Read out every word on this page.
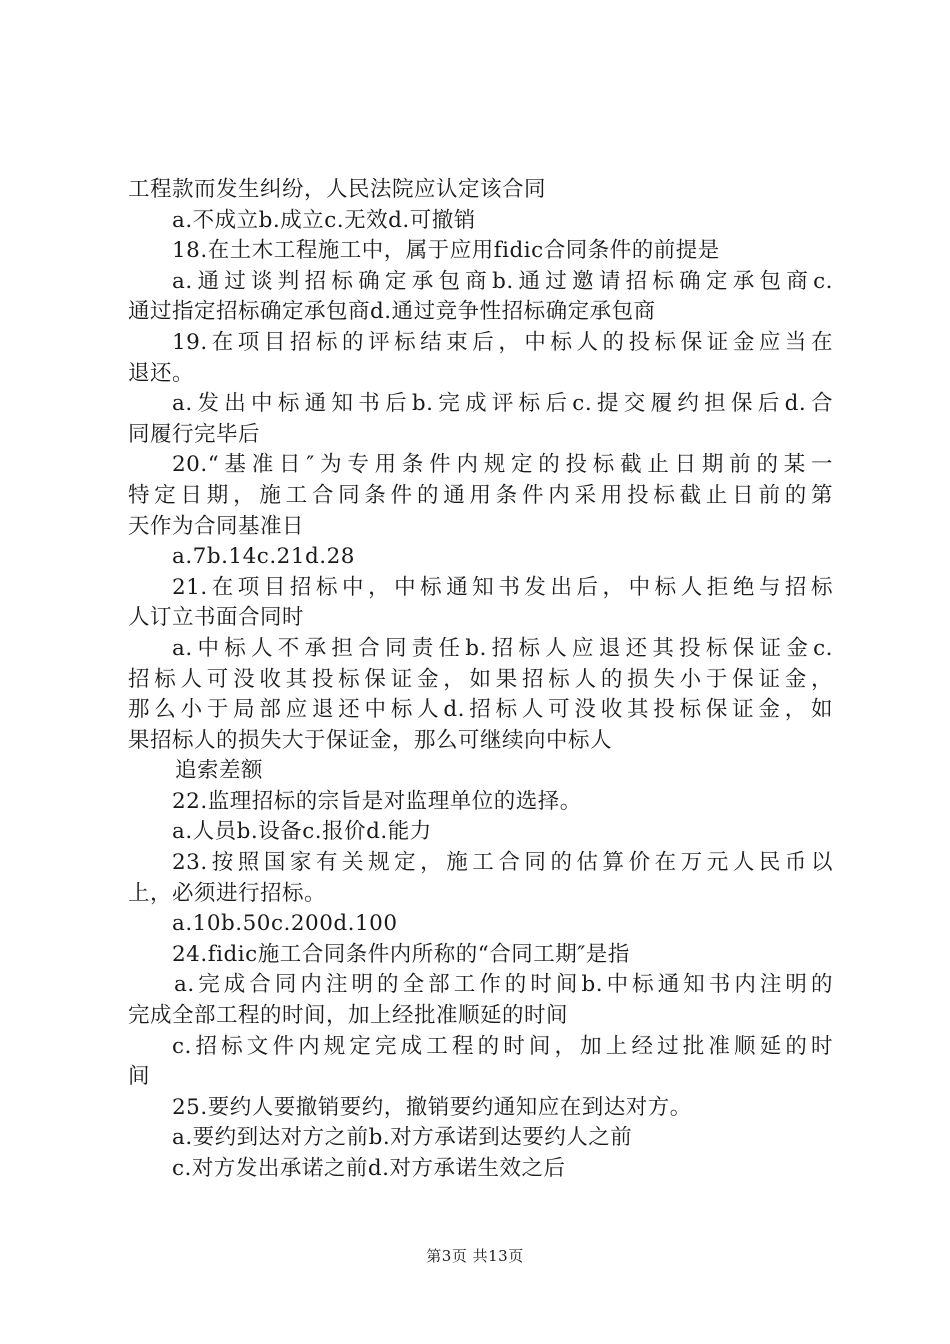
工程款而发生纠纷，人民法院应认定该合同
a.不成立b.成立c.无效d.可撤销
18.在土木工程施工中，属于应用fidic合同条件的前提是
a.通过谈判招标确定承包商b.通过邀请招标确定承包商c.
通过指定招标确定承包商d.通过竞争性招标确定承包商
19.在项目招标的评标结束后，中标人的投标保证金应当在
退还。
a.发出中标通知书后b.完成评标后c.提交履约担保后d.合
同履行完毕后
20.“基准日″为专用条件内规定的投标截止日期前的某一
特定日期，施工合同条件的通用条件内采用投标截止日前的第
天作为合同基准日
a.7b.14c.21d.28
21.在项目招标中，中标通知书发出后，中标人拒绝与招标
人订立书面合同时
a.中标人不承担合同责任b.招标人应退还其投标保证金c.
招标人可没收其投标保证金，如果招标人的损失小于保证金，
那么小于局部应退还中标人d.招标人可没收其投标保证金，如
果招标人的损失大于保证金，那么可继续向中标人
追索差额
22.监理招标的宗旨是对监理单位的选择。
a.人员b.设备c.报价d.能力
23.按照国家有关规定，施工合同的估算价在万元人民币以
上，必须进行招标。
a.10b.50c.200d.100
24.fidic施工合同条件内所称的“合同工期″是指
a.完成合同内注明的全部工作的时间b.中标通知书内注明的
完成全部工程的时间，加上经批准顺延的时间
c.招标文件内规定完成工程的时间，加上经过批准顺延的时
间
25.要约人要撤销要约，撤销要约通知应在到达对方。
a.要约到达对方之前b.对方承诺到达要约人之前
c.对方发出承诺之前d.对方承诺生效之后
第3页 共13页
